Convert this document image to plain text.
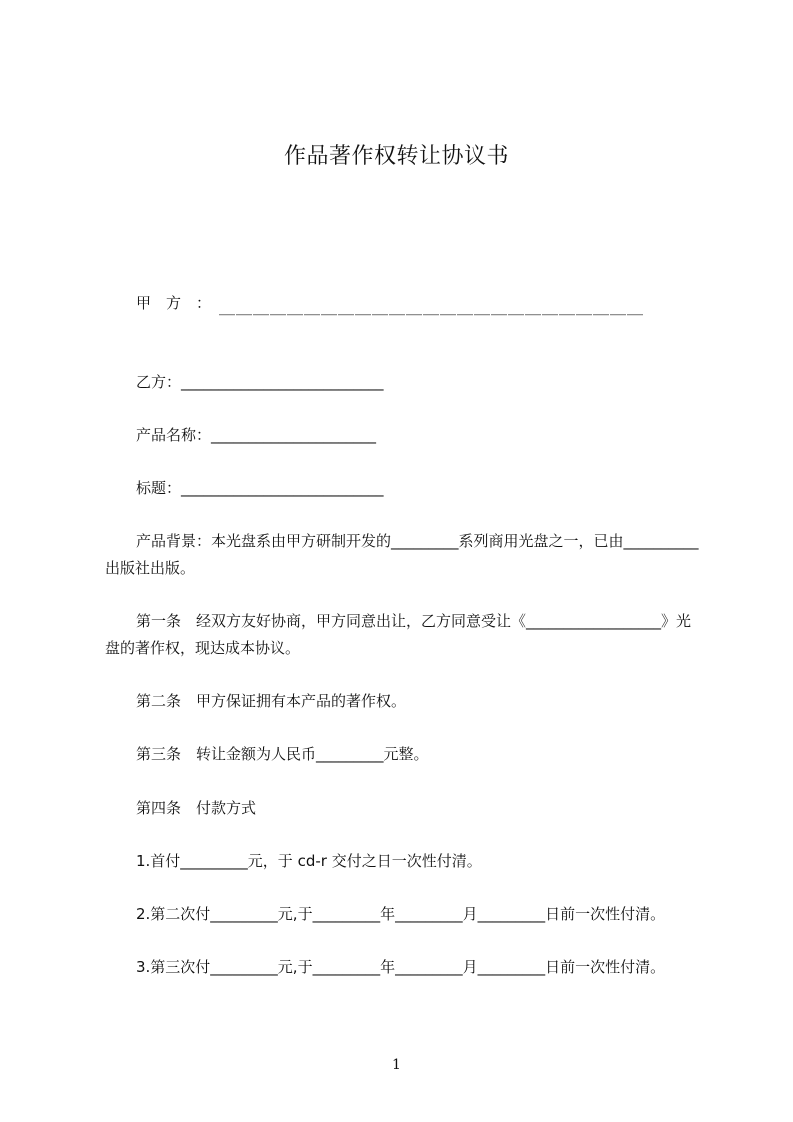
作品著作权转让协议书
甲　方　： ＿＿＿＿＿＿＿＿＿＿＿＿＿＿＿＿＿＿＿＿＿＿＿＿＿
乙方：___________________________
产品名称：______________________
标题：___________________________
产品背景：本光盘系由甲方研制开发的_________系列商用光盘之一，已由__________出版社出版。
第一条　经双方友好协商，甲方同意出让，乙方同意受让《__________________》光盘的著作权，现达成本协议。
第二条　甲方保证拥有本产品的著作权。
第三条　转让金额为人民币_________元整。
第四条　付款方式
1.首付_________元，于 cd-r 交付之日一次性付清。
2.第二次付_________元,于_________年_________月_________日前一次性付清。
3.第三次付_________元,于_________年_________月_________日前一次性付清。
1
